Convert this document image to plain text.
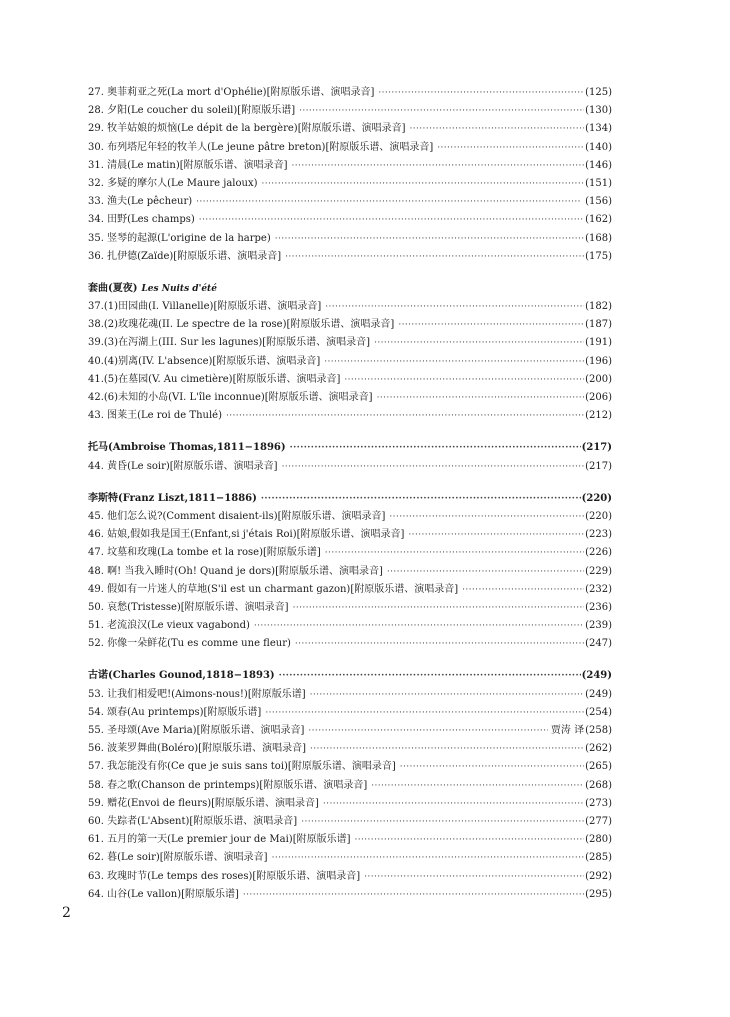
27. 奥菲莉亚之死(La mort d'Ophélie)[附原版乐谱、演唱录音] ·····	(125)
28. 夕阳(Le coucher du soleil)[附原版乐谱] ·····	(130)
29. 牧羊姑娘的烦恼(Le dépit de la bergère)[附原版乐谱、演唱录音] ·····	(134)
30. 布列塔尼年轻的牧羊人(Le jeune pâtre breton)[附原版乐谱、演唱录音] ·····	(140)
31. 清晨(Le matin)[附原版乐谱、演唱录音] ·····	(146)
32. 多疑的摩尔人(Le Maure jaloux) ·····	(151)
33. 渔夫(Le pêcheur) ·····	(156)
34. 田野(Les champs) ·····	(162)
35. 竖琴的起源(L'origine de la harpe) ·····	(168)
36. 扎伊德(Zaïde)[附原版乐谱、演唱录音] ·····	(175)
套曲(夏夜) Les Nuits d'été
37.(1)田园曲(I. Villanelle)[附原版乐谱、演唱录音] ·····	(182)
38.(2)玫瑰花魂(II. Le spectre de la rose)[附原版乐谱、演唱录音] ·····	(187)
39.(3)在泻湖上(III. Sur les lagunes)[附原版乐谱、演唱录音] ·····	(191)
40.(4)别离(IV. L'absence)[附原版乐谱、演唱录音] ·····	(196)
41.(5)在墓园(V. Au cimetière)[附原版乐谱、演唱录音] ·····	(200)
42.(6)未知的小岛(VI. L'île inconnue)[附原版乐谱、演唱录音] ·····	(206)
43. 图莱王(Le roi de Thulé) ·····	(212)
托马(Ambroise Thomas,1811−1896) ·····	(217)
44. 黄昏(Le soir)[附原版乐谱、演唱录音] ·····	(217)
李斯特(Franz Liszt,1811−1886) ·····	(220)
45. 他们怎么说?(Comment disaient-ils)[附原版乐谱、演唱录音] ·····	(220)
46. 姑娘,假如我是国王(Enfant,si j'étais Roi)[附原版乐谱、演唱录音] ·····	(223)
47. 坟墓和玫瑰(La tombe et la rose)[附原版乐谱] ·····	(226)
48. 啊! 当我入睡时(Oh! Quand je dors)[附原版乐谱、演唱录音] ·····	(229)
49. 假如有一片迷人的草地(S'il est un charmant gazon)[附原版乐谱、演唱录音] ·····	(232)
50. 哀愁(Tristesse)[附原版乐谱、演唱录音] ·····	(236)
51. 老流浪汉(Le vieux vagabond) ·····	(239)
52. 你像一朵鲜花(Tu es comme une fleur) ·····	(247)
古诺(Charles Gounod,1818−1893) ·····	(249)
53. 让我们相爱吧!(Aimons-nous!)[附原版乐谱] ·····	(249)
54. 颂春(Au printemps)[附原版乐谱] ·····	(254)
55. 圣母颂(Ave Maria)[附原版乐谱、演唱录音] ·····	贾涛 译 (258)
56. 波莱罗舞曲(Boléro)[附原版乐谱、演唱录音] ·····	(262)
57. 我怎能没有你(Ce que je suis sans toi)[附原版乐谱、演唱录音] ·····	(265)
58. 春之歌(Chanson de printemps)[附原版乐谱、演唱录音] ·····	(268)
59. 赠花(Envoi de fleurs)[附原版乐谱、演唱录音] ·····	(273)
60. 失踪者(L'Absent)[附原版乐谱、演唱录音] ·····	(277)
61. 五月的第一天(Le premier jour de Mai)[附原版乐谱] ·····	(280)
62. 暮(Le soir)[附原版乐谱、演唱录音] ·····	(285)
63. 玫瑰时节(Le temps des roses)[附原版乐谱、演唱录音] ·····	(292)
64. 山谷(Le vallon)[附原版乐谱] ·····	(295)
2
